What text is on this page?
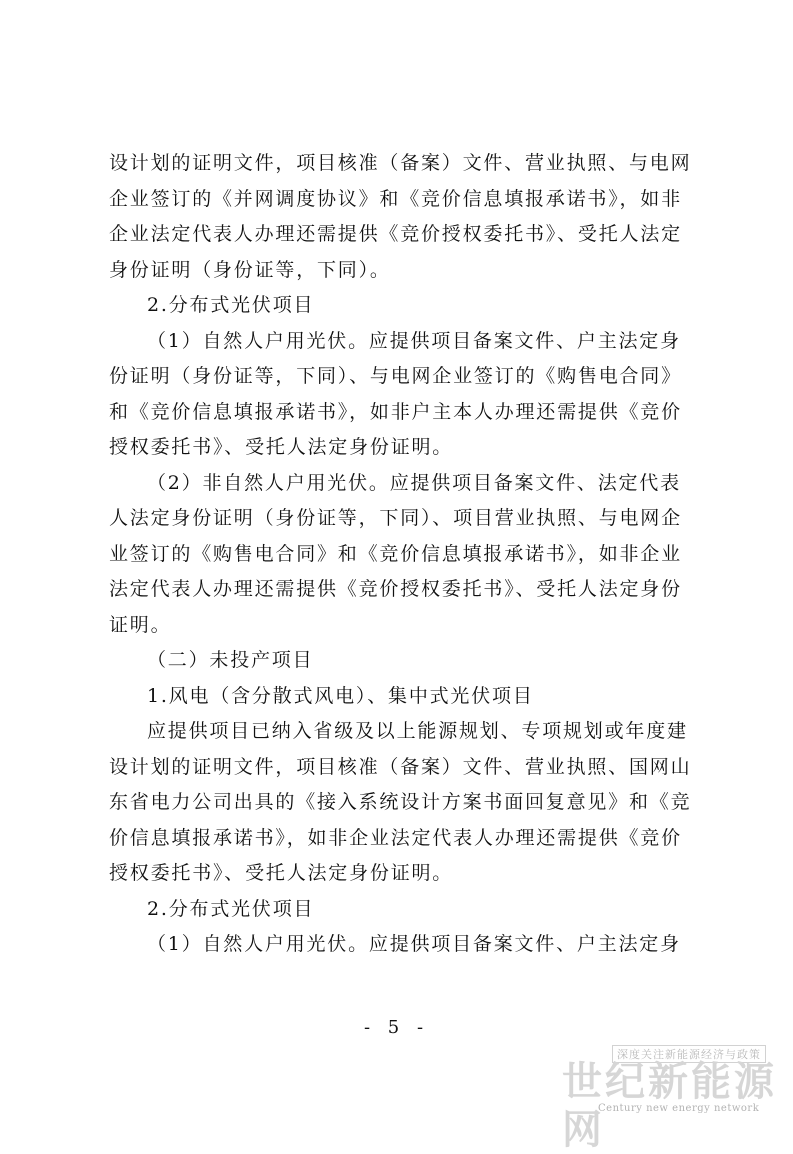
设计划的证明文件，项目核准（备案）文件、营业执照、与电网
企业签订的《并网调度协议》和《竞价信息填报承诺书》，如非
企业法定代表人办理还需提供《竞价授权委托书》、受托人法定
身份证明（身份证等，下同）。
2.分布式光伏项目
（1）自然人户用光伏。应提供项目备案文件、户主法定身
份证明（身份证等，下同）、与电网企业签订的《购售电合同》
和《竞价信息填报承诺书》，如非户主本人办理还需提供《竞价
授权委托书》、受托人法定身份证明。
（2）非自然人户用光伏。应提供项目备案文件、法定代表
人法定身份证明（身份证等，下同）、项目营业执照、与电网企
业签订的《购售电合同》和《竞价信息填报承诺书》，如非企业
法定代表人办理还需提供《竞价授权委托书》、受托人法定身份
证明。
（二）未投产项目
1.风电（含分散式风电）、集中式光伏项目
应提供项目已纳入省级及以上能源规划、专项规划或年度建
设计划的证明文件，项目核准（备案）文件、营业执照、国网山
东省电力公司出具的《接入系统设计方案书面回复意见》和《竞
价信息填报承诺书》，如非企业法定代表人办理还需提供《竞价
授权委托书》、受托人法定身份证明。
2.分布式光伏项目
（1）自然人户用光伏。应提供项目备案文件、户主法定身
- 5 -
深度关注新能源经济与政策
世纪新能源网
Century new energy network
